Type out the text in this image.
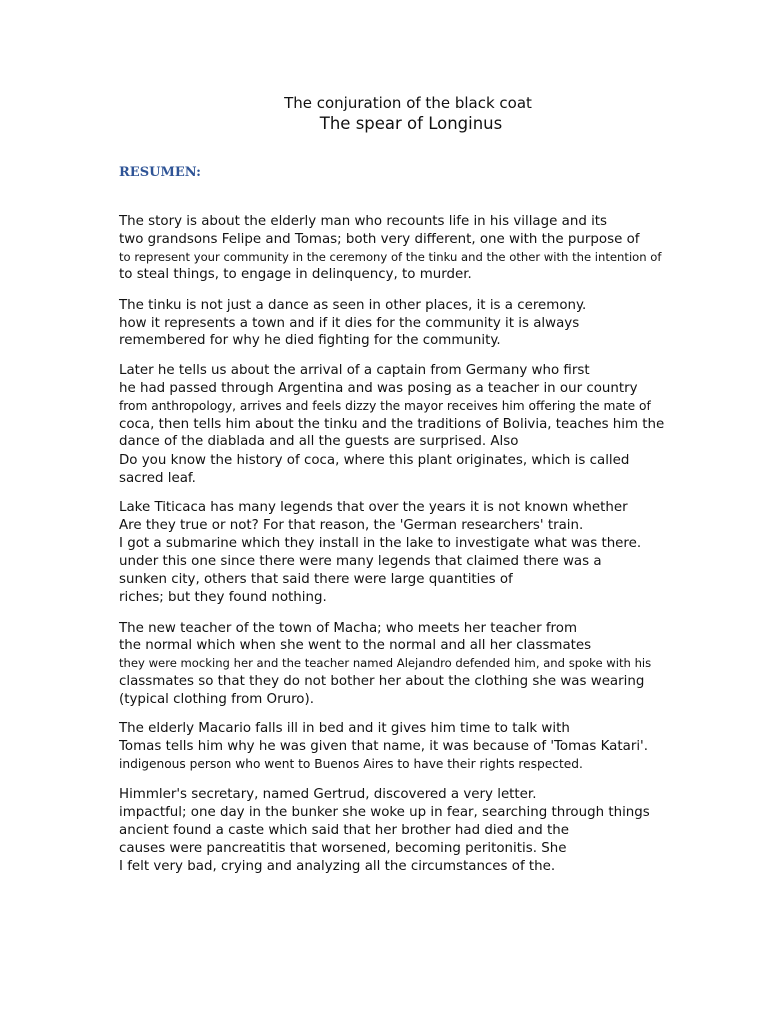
The conjuration of the black coat
The spear of Longinus
RESUMEN:
The story is about the elderly man who recounts life in his village and its
two grandsons Felipe and Tomas; both very different, one with the purpose of
to represent your community in the ceremony of the tinku and the other with the intention of
to steal things, to engage in delinquency, to murder.
The tinku is not just a dance as seen in other places, it is a ceremony.
how it represents a town and if it dies for the community it is always
remembered for why he died fighting for the community.
Later he tells us about the arrival of a captain from Germany who first
he had passed through Argentina and was posing as a teacher in our country
from anthropology, arrives and feels dizzy the mayor receives him offering the mate of
coca, then tells him about the tinku and the traditions of Bolivia, teaches him the
dance of the diablada and all the guests are surprised. Also
Do you know the history of coca, where this plant originates, which is called
sacred leaf.
Lake Titicaca has many legends that over the years it is not known whether
Are they true or not? For that reason, the 'German researchers' train.
I got a submarine which they install in the lake to investigate what was there.
under this one since there were many legends that claimed there was a
sunken city, others that said there were large quantities of
riches; but they found nothing.
The new teacher of the town of Macha; who meets her teacher from
the normal which when she went to the normal and all her classmates
they were mocking her and the teacher named Alejandro defended him, and spoke with his
classmates so that they do not bother her about the clothing she was wearing
(typical clothing from Oruro).
The elderly Macario falls ill in bed and it gives him time to talk with
Tomas tells him why he was given that name, it was because of 'Tomas Katari'.
indigenous person who went to Buenos Aires to have their rights respected.
Himmler's secretary, named Gertrud, discovered a very letter.
impactful; one day in the bunker she woke up in fear, searching through things
ancient found a caste which said that her brother had died and the
causes were pancreatitis that worsened, becoming peritonitis. She
I felt very bad, crying and analyzing all the circumstances of the.
